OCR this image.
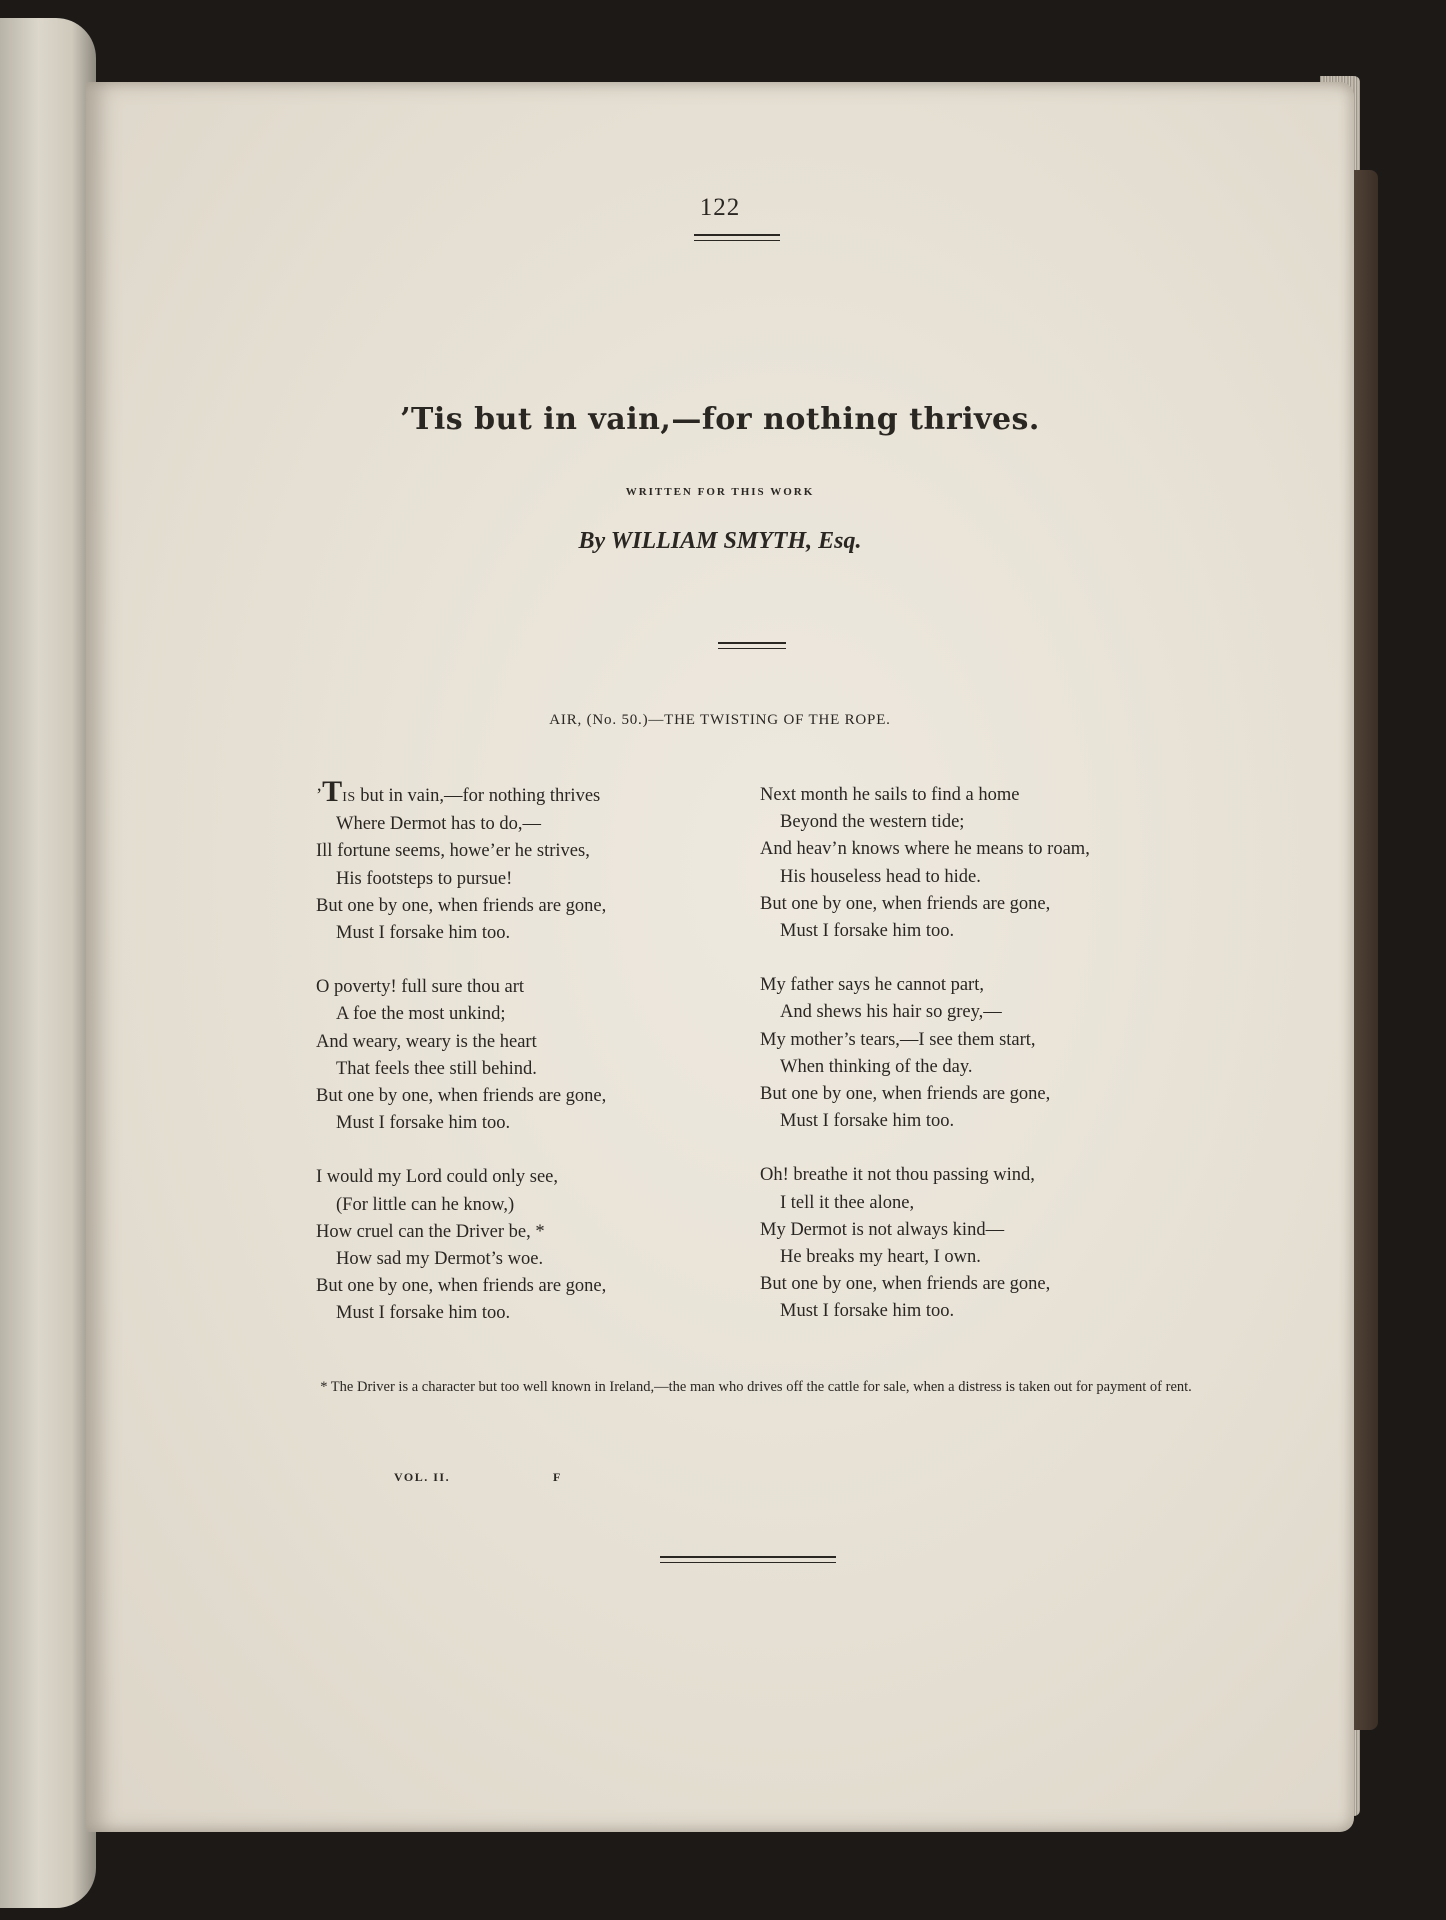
122
’Tis but in vain,—for nothing thrives.
WRITTEN FOR THIS WORK
By WILLIAM SMYTH, Esq.
AIR, (No. 50.)—THE TWISTING OF THE ROPE.
’TIS but in vain,—for nothing thrives
Where Dermot has to do,—
Ill fortune seems, howe’er he strives,
His footsteps to pursue!
But one by one, when friends are gone,
Must I forsake him too.
O poverty! full sure thou art
A foe the most unkind;
And weary, weary is the heart
That feels thee still behind.
But one by one, when friends are gone,
Must I forsake him too.
I would my Lord could only see,
(For little can he know,)
How cruel can the Driver be, *
How sad my Dermot’s woe.
But one by one, when friends are gone,
Must I forsake him too.
Next month he sails to find a home
Beyond the western tide;
And heav’n knows where he means to roam,
His houseless head to hide.
But one by one, when friends are gone,
Must I forsake him too.
My father says he cannot part,
And shews his hair so grey,—
My mother’s tears,—I see them start,
When thinking of the day.
But one by one, when friends are gone,
Must I forsake him too.
Oh! breathe it not thou passing wind,
I tell it thee alone,
My Dermot is not always kind—
He breaks my heart, I own.
But one by one, when friends are gone,
Must I forsake him too.
* The Driver is a character but too well known in Ireland,—the man who drives off the cattle for sale, when a distress is taken out for payment of rent.
VOL. II.	F
